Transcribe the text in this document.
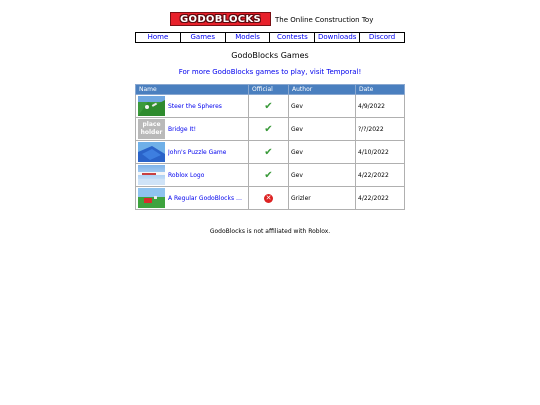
GODOBLOCKS	The Online Construction Toy
Home	Games	Models	Contests	Downloads	Discord
GodoBlocks Games
For more GodoBlocks games to play, visit Temporal!
Name	Official	Author	Date

Steer the Spheres	✔	Gev	4/9/2022

place holder Bridge It!	✔	Gev	?/?/2022

John's Puzzle Game	✔	Gev	4/10/2022

Roblox Logo	✔	Gev	4/22/2022

A Regular GodoBlocks H...	✕	Grizler	4/22/2022
GodoBlocks is not affiliated with Roblox.
